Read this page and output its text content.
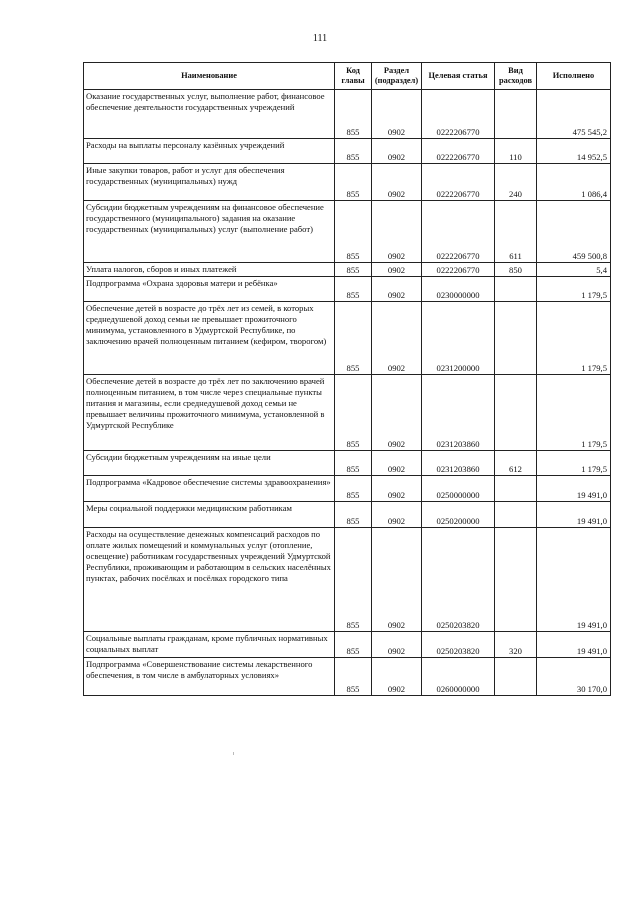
111
Наименование	Код главы	Раздел (подраздел)	Целевая статья	Вид расходов	Исполнено
Оказание государственных услуг, выполнение работ, финансовое обеспечение деятельности государственных учреждений	855	0902	0222206770		475 545,2
Расходы на выплаты персоналу казённых учреждений	855	0902	0222206770	110	14 952,5
Иные закупки товаров, работ и услуг для обеспечения государственных (муниципальных) нужд	855	0902	0222206770	240	1 086,4
Субсидии бюджетным учреждениям на финансовое обеспечение государственного (муниципального) задания на оказание государственных (муниципальных) услуг (выполнение работ)	855	0902	0222206770	611	459 500,8
Уплата налогов, сборов и иных платежей	855	0902	0222206770	850	5,4
Подпрограмма «Охрана здоровья матери и ребёнка»	855	0902	0230000000		1 179,5
Обеспечение детей в возрасте до трёх лет из семей, в которых среднедушевой доход семьи не превышает прожиточного минимума, установленного в Удмуртской Республике, по заключению врачей полноценным питанием (кефиром, творогом)	855	0902	0231200000		1 179,5
Обеспечение детей в возрасте до трёх лет по заключению врачей полноценным питанием, в том числе через специальные пункты питания и магазины, если среднедушевой доход семьи не превышает величины прожиточного минимума, установленной в Удмуртской Республике	855	0902	0231203860		1 179,5
Субсидии бюджетным учреждениям на иные цели	855	0902	0231203860	612	1 179,5
Подпрограмма «Кадровое обеспечение системы здравоохранения»	855	0902	0250000000		19 491,0
Меры социальной поддержки медицинским работникам	855	0902	0250200000		19 491,0
Расходы на осуществление денежных компенсаций расходов по оплате жилых помещений и коммунальных услуг (отопление, освещение) работникам государственных учреждений Удмуртской Республики, проживающим и работающим в сельских населённых пунктах, рабочих посёлках и посёлках городского типа	855	0902	0250203820		19 491,0
Социальные выплаты гражданам, кроме публичных нормативных социальных выплат	855	0902	0250203820	320	19 491,0
Подпрограмма «Совершенствование системы лекарственного обеспечения, в том числе в амбулаторных условиях»	855	0902	0260000000		30 170,0
